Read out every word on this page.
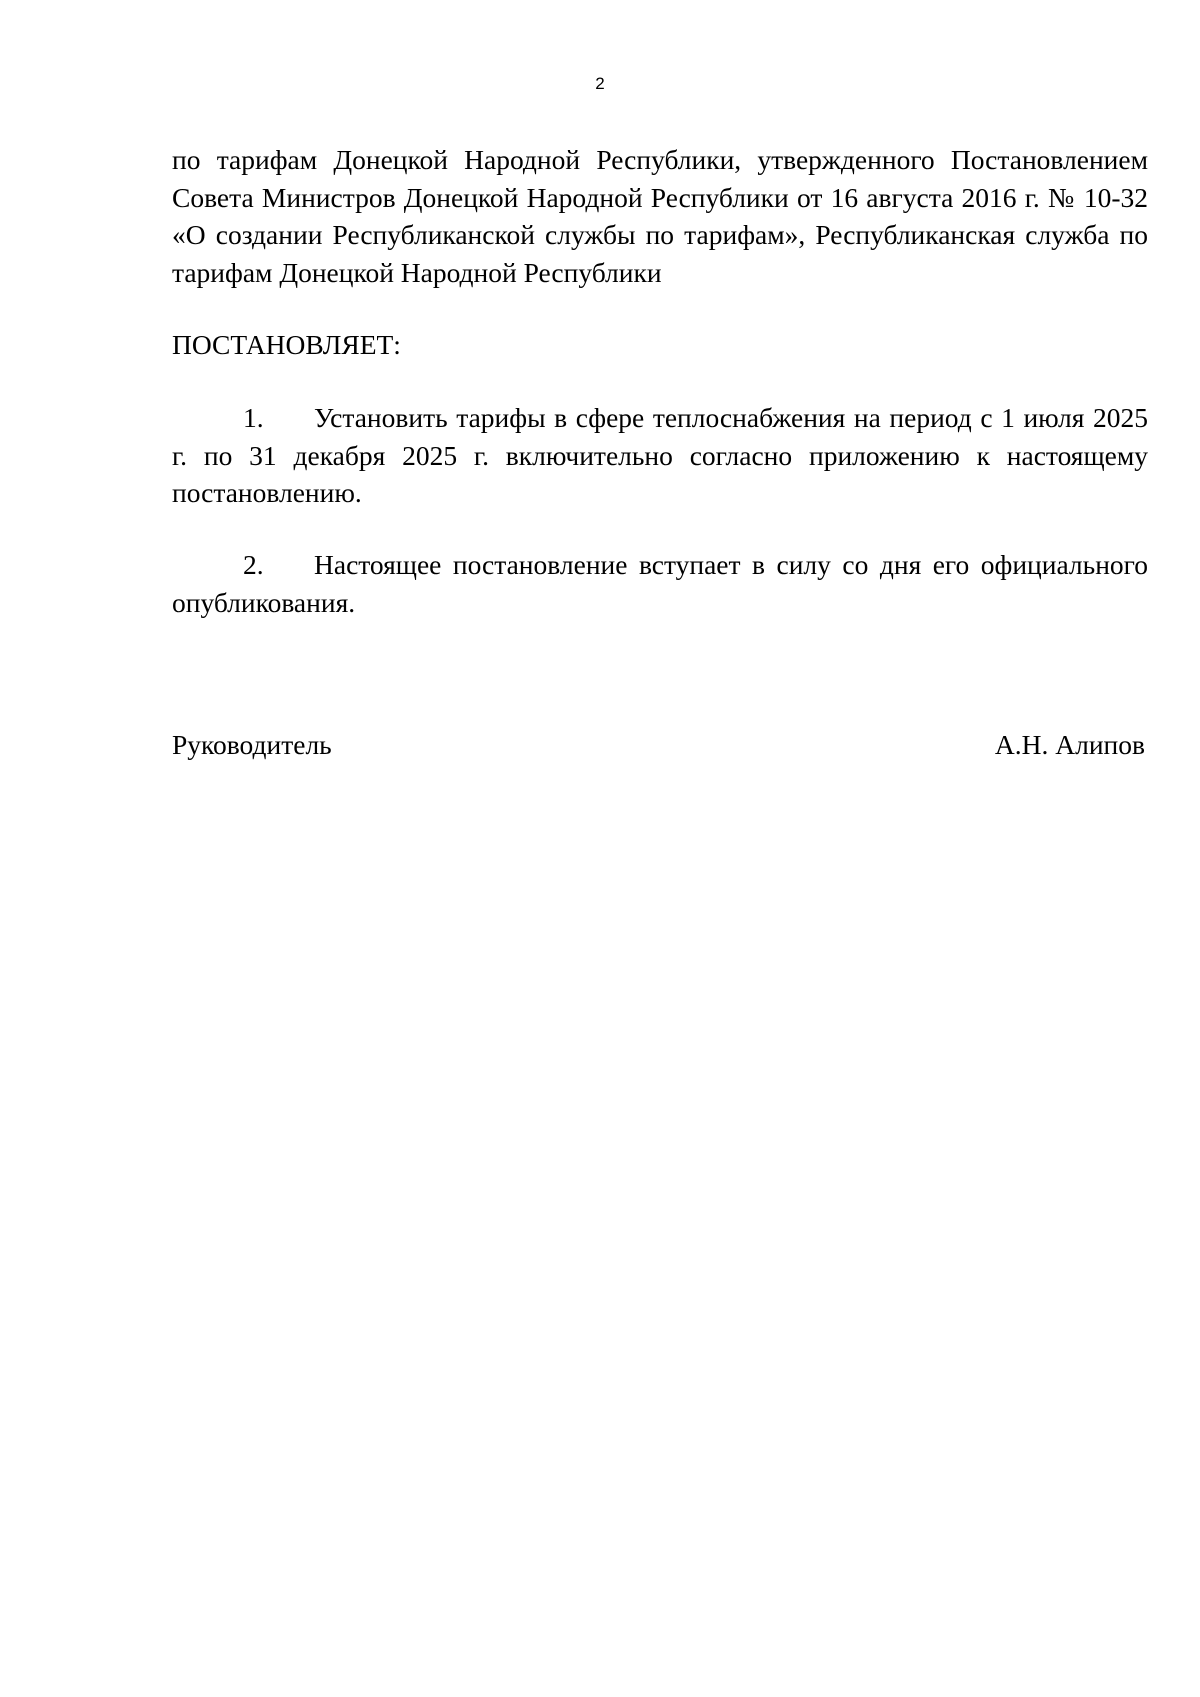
2

по тарифам Донецкой Народной Республики, утвержденного Постановлением Совета Министров Донецкой Народной Республики от 16 августа 2016 г. № 10-32 «О создании Республиканской службы по тарифам», Республиканская служба по тарифам Донецкой Народной Республики

ПОСТАНОВЛЯЕТ:

1. Установить тарифы в сфере теплоснабжения на период с 1 июля 2025 г. по 31 декабря 2025 г. включительно согласно приложению к настоящему постановлению.

2. Настоящее постановление вступает в силу со дня его официального опубликования.

Руководитель	А.Н. Алипов
